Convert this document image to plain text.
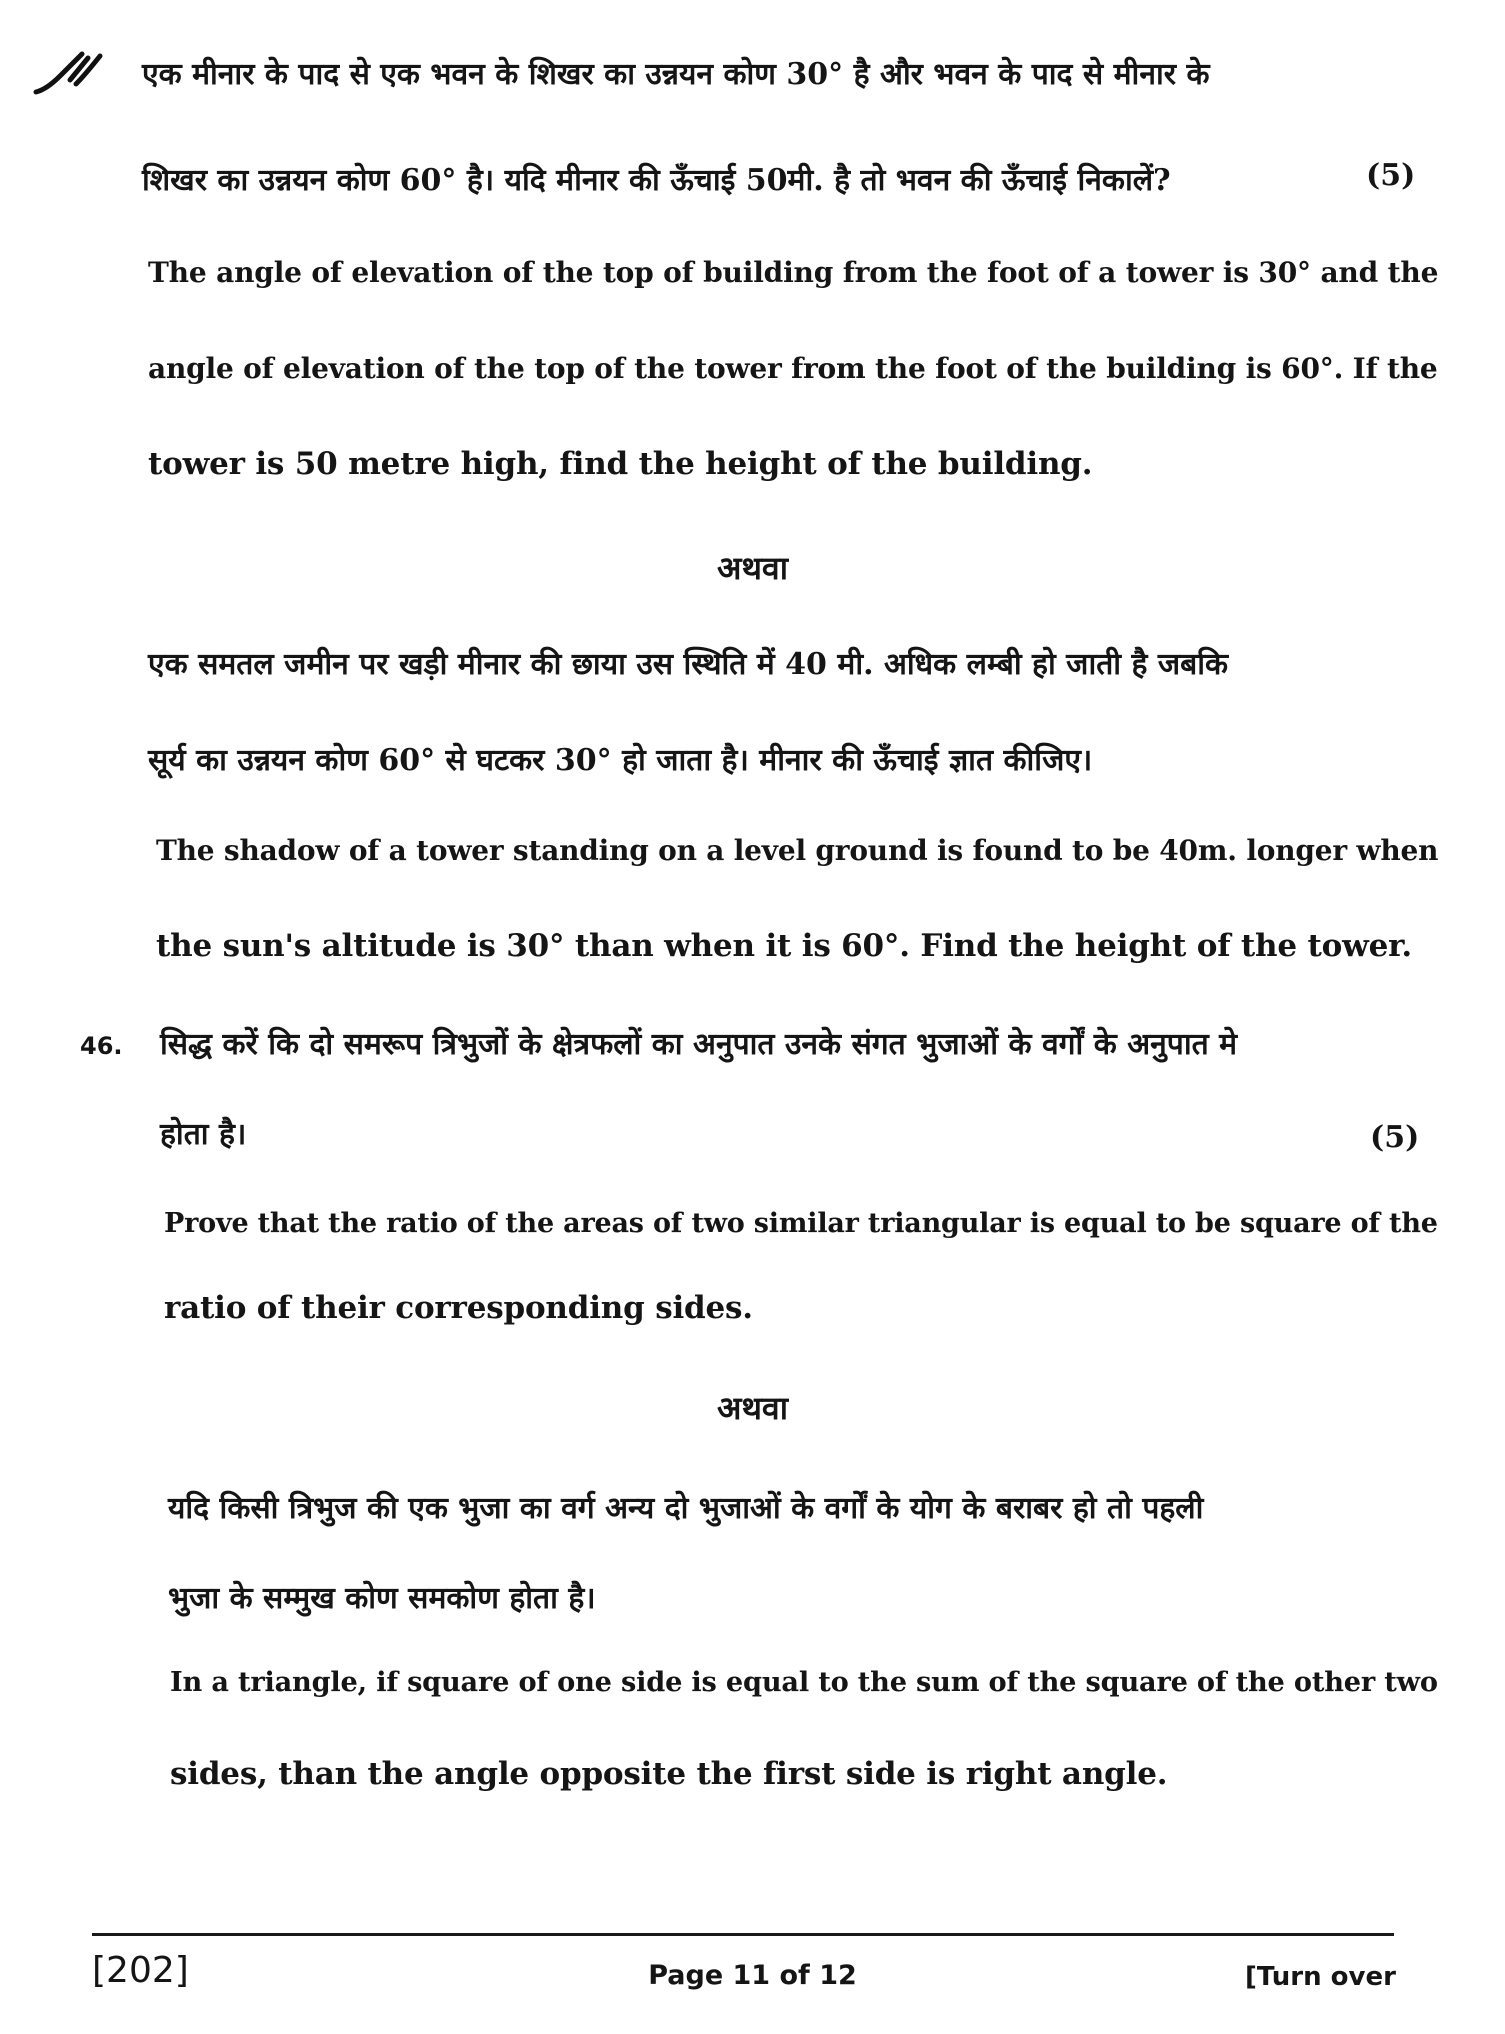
एक मीनार के पाद से एक भवन के शिखर का उन्नयन कोण 30° है और भवन के पाद से मीनार के

शिखर का उन्नयन कोण 60° है। यदि मीनार की ऊँचाई 50मी. है तो भवन की ऊँचाई निकालें?	(5)

The angle of elevation of the top of building from the foot of a tower is 30° and the

angle of elevation of the top of the tower from the foot of the building is 60°. If the

tower is 50 metre high, find the height of the building.

अथवा

एक समतल जमीन पर खड़ी मीनार की छाया उस स्थिति में 40 मी. अधिक लम्बी हो जाती है जबकि

सूर्य का उन्नयन कोण 60° से घटकर 30° हो जाता है। मीनार की ऊँचाई ज्ञात कीजिए।

The shadow of a tower standing on a level ground is found to be 40m. longer when

the sun's altitude is 30° than when it is 60°. Find the height of the tower.

46. सिद्ध करें कि दो समरूप त्रिभुजों के क्षेत्रफलों का अनुपात उनके संगत भुजाओं के वर्गों के अनुपात मे

होता है।	(5)

Prove that the ratio of the areas of two similar triangular is equal to be square of the

ratio of their corresponding sides.

अथवा

यदि किसी त्रिभुज की एक भुजा का वर्ग अन्य दो भुजाओं के वर्गों के योग के बराबर हो तो पहली

भुजा के सम्मुख कोण समकोण होता है।

In a triangle, if square of one side is equal to the sum of the square of the other two

sides, than the angle opposite the first side is right angle.

[202]	Page 11 of 12	[Turn over
